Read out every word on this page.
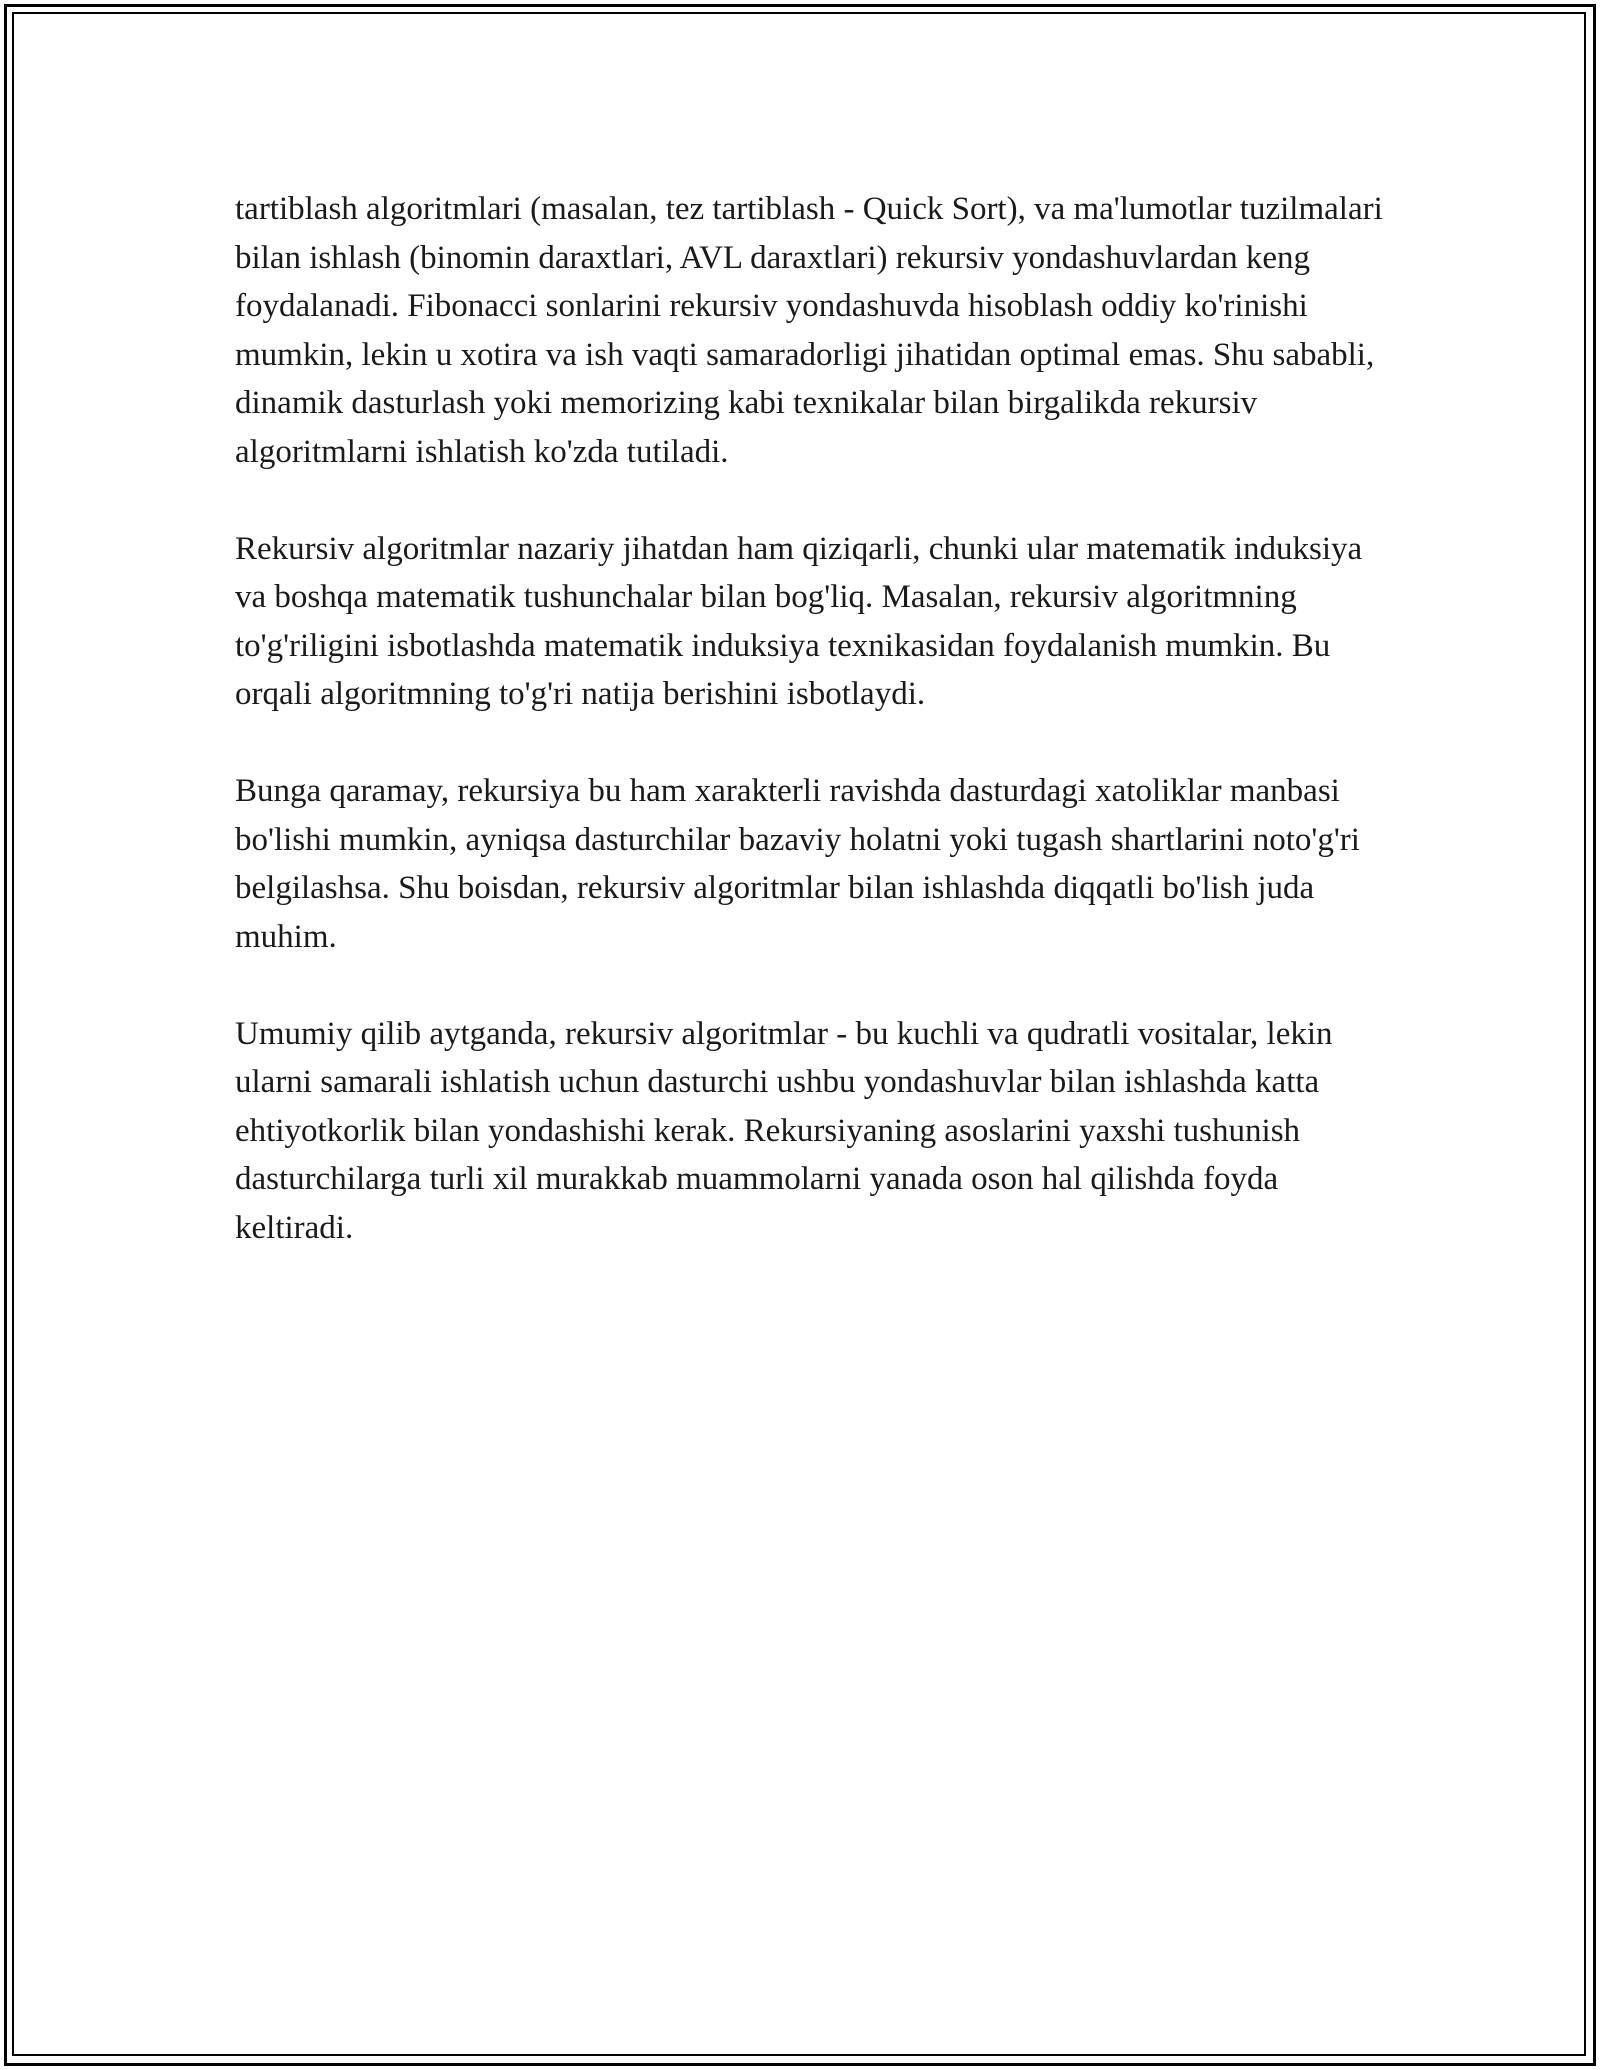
tartiblash algoritmlari (masalan, tez tartiblash - Quick Sort), va ma'lumotlar tuzilmalari bilan ishlash (binomin daraxtlari, AVL daraxtlari) rekursiv yondashuvlardan keng foydalanadi. Fibonacci sonlarini rekursiv yondashuvda hisoblash oddiy ko'rinishi mumkin, lekin u xotira va ish vaqti samaradorligi jihatidan optimal emas. Shu sababli, dinamik dasturlash yoki memorizing kabi texnikalar bilan birgalikda rekursiv algoritmlarni ishlatish ko'zda tutiladi.

Rekursiv algoritmlar nazariy jihatdan ham qiziqarli, chunki ular matematik induksiya va boshqa matematik tushunchalar bilan bog'liq. Masalan, rekursiv algoritmning to'g'riligini isbotlashda matematik induksiya texnikasidan foydalanish mumkin. Bu orqali algoritmning to'g'ri natija berishini isbotlaydi.

Bunga qaramay, rekursiya bu ham xarakterli ravishda dasturdagi xatoliklar manbasi bo'lishi mumkin, ayniqsa dasturchilar bazaviy holatni yoki tugash shartlarini noto'g'ri belgilashsa. Shu boisdan, rekursiv algoritmlar bilan ishlashda diqqatli bo'lish juda muhim.

Umumiy qilib aytganda, rekursiv algoritmlar - bu kuchli va qudratli vositalar, lekin ularni samarali ishlatish uchun dasturchi ushbu yondashuvlar bilan ishlashda katta ehtiyotkorlik bilan yondashishi kerak. Rekursiyaning asoslarini yaxshi tushunish dasturchilarga turli xil murakkab muammolarni yanada oson hal qilishda foyda keltiradi.
